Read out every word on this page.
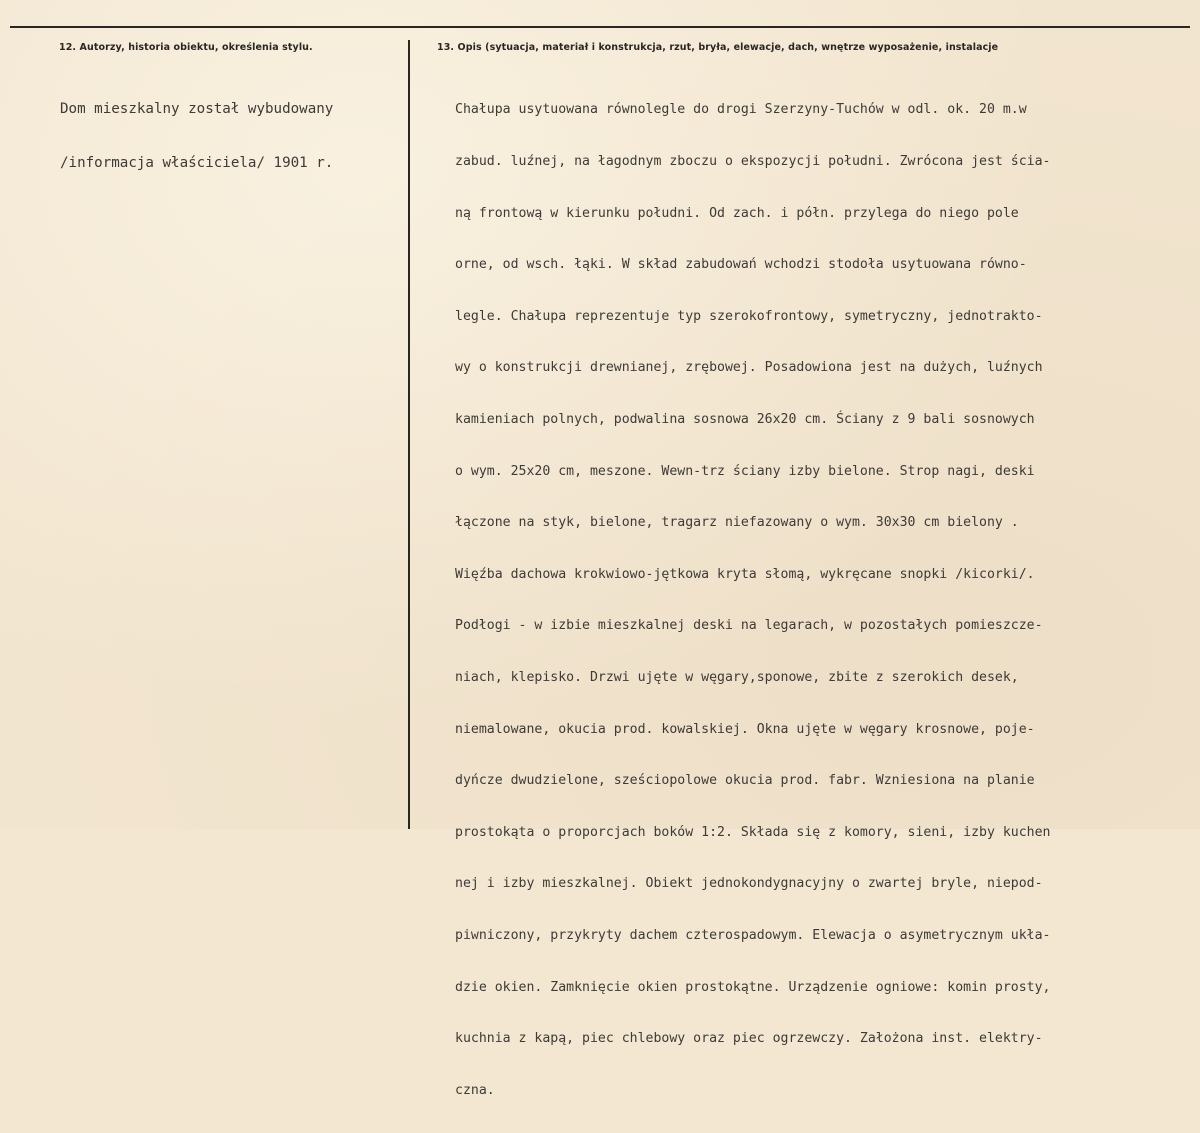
12. Autorzy, historia obiektu, określenia stylu.	13. Opis (sytuacja, materiał i konstrukcja, rzut, bryła, elewacje, dach, wnętrze wyposażenie, instalacje

Dom mieszkalny został wybudowany

/informacja właściciela/ 1901 r.

Chałupa usytuowana równolegle do drogi Szerzyny-Tuchów w odl. ok. 20 m.w

zabud. luźnej, na łagodnym zboczu o ekspozycji południ. Zwrócona jest ścia-

ną frontową w kierunku południ. Od zach. i półn. przylega do niego pole

orne, od wsch. łąki. W skład zabudowań wchodzi stodoła usytuowana równo-

legle. Chałupa reprezentuje typ szerokofrontowy, symetryczny, jednotrakto-

wy o konstrukcji drewnianej, zrębowej. Posadowiona jest na dużych, luźnych

kamieniach polnych, podwalina sosnowa 26x20 cm. Ściany z 9 bali sosnowych

o wym. 25x20 cm, meszone. Wewn-trz ściany izby bielone. Strop nagi, deski

łączone na styk, bielone, tragarz niefazowany o wym. 30x30 cm bielony .

Więźba dachowa krokwiowo-jętkowa kryta słomą, wykręcane snopki /kicorki/.

Podłogi - w izbie mieszkalnej deski na legarach, w pozostałych pomieszcze-

niach, klepisko. Drzwi ujęte w węgary,sponowe, zbite z szerokich desek,

niemalowane, okucia prod. kowalskiej. Okna ujęte w węgary krosnowe, poje-

dyńcze dwudzielone, sześciopolowe okucia prod. fabr. Wzniesiona na planie

prostokąta o proporcjach boków 1:2. Składa się z komory, sieni, izby kuchen

nej i izby mieszkalnej. Obiekt jednokondygnacyjny o zwartej bryle, niepod-

piwniczony, przykryty dachem czterospadowym. Elewacja o asymetrycznym ukła-

dzie okien. Zamknięcie okien prostokątne. Urządzenie ogniowe: komin prosty,

kuchnia z kapą, piec chlebowy oraz piec ogrzewczy. Założona inst. elektry-

czna.
